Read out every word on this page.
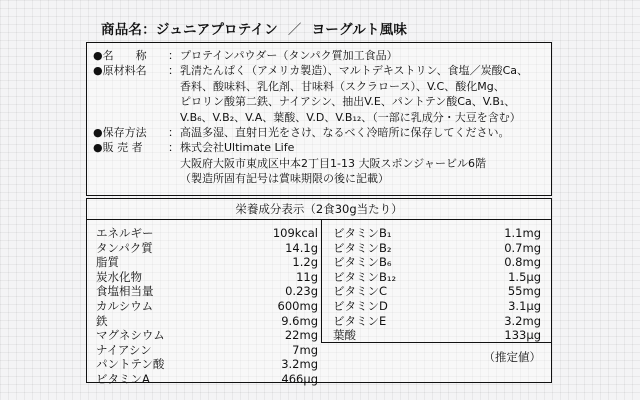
商品名：ジュニアプロテイン ／ ヨーグルト風味
●名　　称	： プロテインパウダー（タンパク質加工食品）
●原材料名	： 乳清たんぱく（アメリカ製造）、マルトデキストリン、食塩／炭酸Ca、
香料、酸味料、乳化剤、甘味料（スクラロース）、V.C、酸化Mg、
ピロリン酸第二鉄、ナイアシン、抽出V.E、パントテン酸Ca、V.B₁、
V.B₆、V.B₂、V.A、葉酸、V.D、V.B₁₂、（一部に乳成分・大豆を含む）
●保存方法	： 高温多湿、直射日光をさけ、なるべく冷暗所に保存してください。
●販 売 者	： 株式会社Ultimate Life
大阪府大阪市東成区中本2丁目1-13 大阪スポンジャービル6階
（製造所固有記号は賞味期限の後に記載）
栄養成分表示（2食30g当たり）
エネルギー	109kcal
タンパク質	14.1g
脂質	1.2g
炭水化物	11g
食塩相当量	0.23g
カルシウム	600mg
鉄	9.6mg
マグネシウム	22mg
ナイアシン	7mg
パントテン酸	3.2mg
ビタミンA	466μg
ビタミンB₁	1.1mg
ビタミンB₂	0.7mg
ビタミンB₆	0.8mg
ビタミンB₁₂	1.5μg
ビタミンC	55mg
ビタミンD	3.1μg
ビタミンE	3.2mg
葉酸	133μg
（推定値）
